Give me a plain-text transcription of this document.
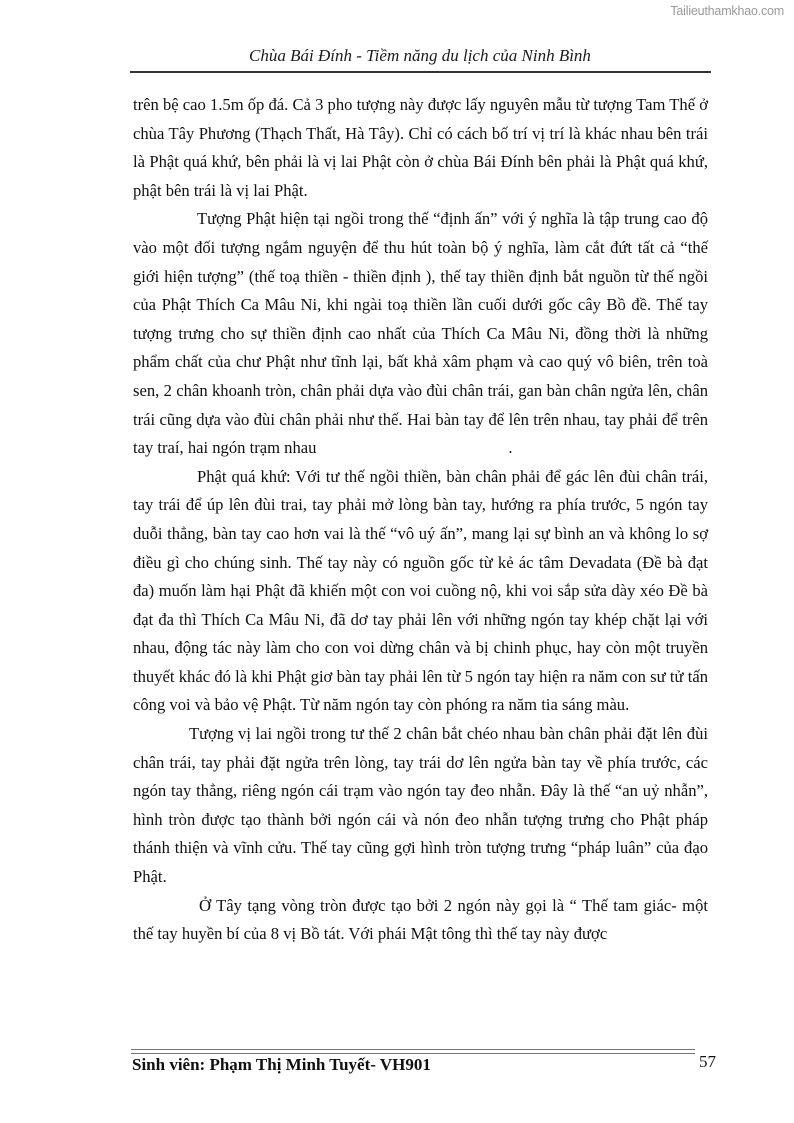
Tailieuthamkhao.com
Chùa Bái Đính - Tiềm năng du lịch của Ninh Bình

trên bệ cao 1.5m ốp đá. Cả 3 pho tượng này được lấy nguyên mẫu từ tượng Tam Thế ở chùa Tây Phương (Thạch Thất, Hà Tây). Chỉ có cách bố trí vị trí là khác nhau bên trái là Phật quá khứ, bên phải là vị lai Phật còn ở chùa Bái Đính bên phải là Phật quá khứ, phật bên trái là vị lai Phật.

Tượng Phật hiện tại ngồi trong thế “định ấn” với ý nghĩa là tập trung cao độ vào một đối tượng ngắm nguyện để thu hút toàn bộ ý nghĩa, làm cắt đứt tất cả “thế giới hiện tượng” (thế toạ thiền - thiền định ), thế tay thiền định bắt nguồn từ thế ngồi của Phật Thích Ca Mâu Ni, khi ngài toạ thiền lần cuối dưới gốc cây Bồ đề. Thế tay tượng trưng cho sự thiền định cao nhất của Thích Ca Mâu Ni, đồng thời là những phẩm chất của chư Phật như tĩnh lại, bất khả xâm phạm và cao quý vô biên, trên toà sen, 2 chân khoanh tròn, chân phải dựa vào đùi chân trái, gan bàn chân ngửa lên, chân trái cũng dựa vào đùi chân phải như thế. Hai bàn tay để lên trên nhau, tay phải để trên tay traí, hai ngón trạm nhau	.

Phật quá khứ: Với tư thế ngồi thiền, bàn chân phải để gác lên đùi chân trái, tay trái để úp lên đùi trai, tay phải mở lòng bàn tay, hướng ra phía trước, 5 ngón tay duỗi thẳng, bàn tay cao hơn vai là thế “vô uý ấn”, mang lại sự bình an và không lo sợ điều gì cho chúng sinh. Thế tay này có nguồn gốc từ kẻ ác tâm Devadata (Đề bà đạt đa) muốn làm hại Phật đã khiến một con voi cuồng nộ, khi voi sắp sửa dày xéo Đề bà đạt đa thì Thích Ca Mâu Ni, đã dơ tay phải lên với những ngón tay khép chặt lại với nhau, động tác này làm cho con voi dừng chân và bị chinh phục, hay còn một truyền thuyết khác đó là khi Phật giơ bàn tay phải lên từ 5 ngón tay hiện ra năm con sư tử tấn công voi và bảo vệ Phật. Từ năm ngón tay còn phóng ra năm tia sáng màu.

Tượng vị lai ngồi trong tư thế 2 chân bắt chéo nhau bàn chân phải đặt lên đùi chân trái, tay phải đặt ngửa trên lòng, tay trái dơ lên ngửa bàn tay về phía trước, các ngón tay thẳng, riêng ngón cái trạm vào ngón tay đeo nhẫn. Đây là thế “an uỷ nhẫn”, hình tròn được tạo thành bởi ngón cái và nón đeo nhẫn tượng trưng cho Phật pháp thánh thiện và vĩnh cửu. Thế tay cũng gợi hình tròn tượng trưng “pháp luân” của đạo Phật.

Ở Tây tạng vòng tròn được tạo bởi 2 ngón này gọi là “ Thế tam giác- một thế tay huyền bí của 8 vị Bồ tát. Với phái Mật tông thì thế tay này được

Sinh viên: Phạm Thị Minh Tuyết- VH901	57
